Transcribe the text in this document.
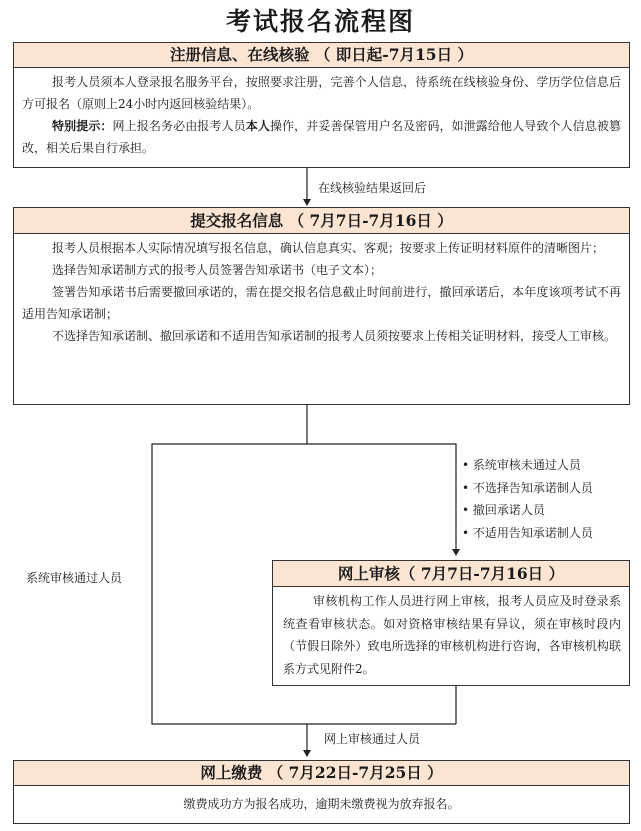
考试报名流程图
注册信息、在线核验 （ 即日起-7月15日 ）

报考人员须本人登录报名服务平台，按照要求注册，完善个人信息，待系统在线核验身份、学历学位信息后方可报名（原则上24小时内返回核验结果）。

特别提示：网上报名务必由报考人员本人操作，并妥善保管用户名及密码，如泄露给他人导致个人信息被篡改，相关后果自行承担。

在线核验结果返回后
提交报名信息 （ 7月7日-7月16日 ）

报考人员根据本人实际情况填写报名信息，确认信息真实、客观；按要求上传证明材料原件的清晰图片；

选择告知承诺制方式的报考人员签署告知承诺书（电子文本）；

签署告知承诺书后需要撤回承诺的，需在提交报名信息截止时间前进行，撤回承诺后，本年度该项考试不再适用告知承诺制；

不选择告知承诺制、撤回承诺和不适用告知承诺制的报考人员须按要求上传相关证明材料，接受人工审核。

• 系统审核未通过人员
• 不选择告知承诺制人员
• 撤回承诺人员
• 不适用告知承诺制人员
系统审核通过人员	网上审核（ 7月7日-7月16日 ）

审核机构工作人员进行网上审核，报考人员应及时登录系统查看审核状态。如对资格审核结果有异议，须在审核时段内（节假日除外）致电所选择的审核机构进行咨询，各审核机构联系方式见附件2。

网上审核通过人员
网上缴费 （ 7月22日-7月25日 ）
缴费成功方为报名成功，逾期未缴费视为放弃报名。
